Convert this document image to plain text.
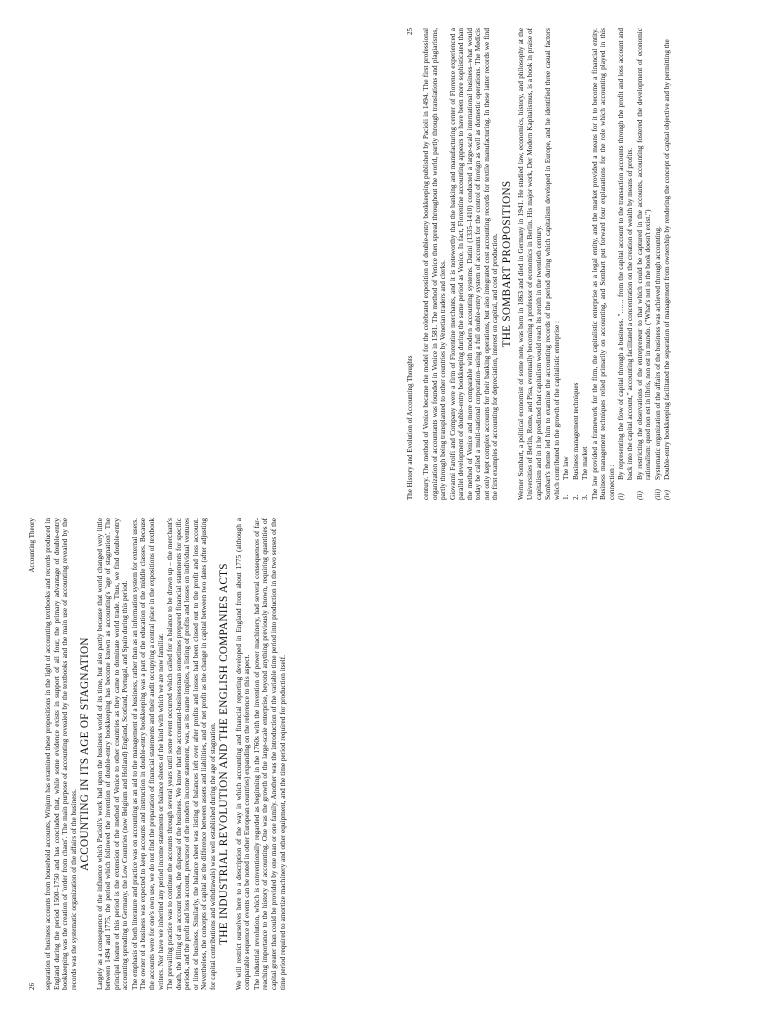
26
Accounting Theory separation of business accounts from household accounts, Winjum has examined these propositions in the light of accounting textbooks and records produced in England during the period 1500–1750 and has concluded that, while some evidence exists in support of all four, the primary advantage of double-entry bookkeeping was the creation of 'order from chaos'. The main purpose of accounting revealed by the textbooks and the main use of accounting revealed by the records was the systematic organization of the affairs of the business.

ACCOUNTING IN ITS AGE OF STAGNATION Largely as a consequence of the influence which Pacioli's work had upon the business world of its time, but also partly because that world changed very little between 1494 and 1775, the period which followed the invention of double-entry bookkeeping has become known as accounting's 'age of stagnation'. The principal feature of this period is the extension of the method of Venice to other countries as they came to dominate world trade. Thus, we find double-entry accounting spreading to Germany, the Low Countries (now Belgium and Holland) England, Scotland, Portugal, and Spain during this period. The emphasis of both literature and practice was on accounting as an aid to the management of a business, rather than as an information system for external users. The owner of a business was expected to keep accounts and instruction in double-entry bookkeeping was a part of the education of the middle classes. Because the accounts were for one's own use, we do not find the preparation of financial statements and their audit occupying a central place in the expositions of textbook writers. Nor have we inherited any period income statements or balance sheets of the kind with which we are now familiar. The prevailing practice was to continue the accounts through several years until some event occurred which called for a balance to be drawn up – the merchant's death, the filling of an account book, the disposal of the business. We know that the accountant-businessman sometimes prepared financial statements for specific periods, and the profit and loss account, precursor of the modern income statement, was, as its name implies, a listing of profits and losses on individual ventures or lines of business. Similarly, the balance sheet was listing of balances left over after profits and losses had been closed out to the profit and loss account. Nevertheless, the concepts of capital as the difference between assets and liabilities, and of net profit as the change in capital between two dates (after adjusting for capital contributions and withdrawals) was well established during the age of stagnation. THE INDUSTRIAL REVOLUTION AND THE ENGLISH COMPANIES ACTS We will restrict ourselves here to a description of the way in which accounting and financial reporting developed in England from about 1775 (although a comparable sequence of events can be noted in other European countries) expanding on the reference to this aspect. The industrial revolution, which is conventionally regarded as beginning in the 1760s with the invention of power machinery, had several consequences of far-reaching importance to the history of accounting. One was the growth of the large-scale enterprise, beyond anything previously known, requiring quantities of capital greater than could be provided by one man or one family. Another was the introduction of the variable time period into production in the two senses of the time period required to amortize machinery and other equipment, and the time period required for production itself.

The History and Evolution of Accounting Thoughts
25 century. The method of Venice became the model for the celebrated exposition of double-entry bookkeeping published by Pacioli in 1494. The first professional organization of accountants was founded in Venice in 1581. The method of Venice then spread throughout the world, partly through translations and plagiarisms, partly through being transplanted to other countries by Venetian traders and clerks. Giovanni Farolfi and Company were a firm of Florentine merchants, and it is noteworthy that the banking and manufacturing center of Florence experienced a parallel development of double-entry bookkeeping during the same period as Venice. In fact, Florentine accounting appears to have been more sophisticated than the method of Venice and more comparable with modern accounting systems. Datini (1335–1410) conducted a large-scale international business–what would today be called a multi-national corporation–using a full double-entry system of accounts for the control of foreign as well as domestic operations. The Medicis not only kept complex accounts for their banking operations, but also integrated cost accounting records for textile manufacturing. In these latter records we find the first examples of accounting for depreciation, interest on capital, and cost of production. THE SOMBART PROPOSITIONS Werner Sombart, a political economist of some note, was born in 1863 and died in Germany in 1941. He studied law, economics, history, and philosophy at the Universities of Berlin, Rome, and Pisa, eventually becoming a professor of economics in Berlin. His major work, Der Modern Kapitalismus, is a book in praise of capitalism and in it he predicted that capitalism would reach its zenith in the twentieth century. Sombart's theme led him to examine the accounting records of the period during which capitalism developed in Europe, and he identified three casual factors which contributed to the growth of the capitalistic enterprise : 1.
The law
2.
Business management techniques
3.
The market The law provided a framework for the firm, the capitalistic enterprise as a legal entity, and the market provided a means for it to become a financial entity. Business management techniques relied primarily on accounting, and Sombart put forward four explanations for the role which accounting played in this connection : (i)
By representing the flow of capital through a business. "…… from the capital account to the transaction accounts through the profit and loss account and back into the capital account," accounting facilitated a concentration on the creation of wealth by means of profits.
(ii)
By restricting the observations of the entrepreneur to that which could be captured in the accounts, accounting fostered the development of economic rationalism: quod non est in libris, non est in mundo. ("What's not in the book doesn't exist.")
(iii)
Systematic organization of the affairs of the business was achieved through accounting.
(iv)
Double-entry bookkeeping facilitated the separation of management from ownership by rendering the concept of capital objective and by permitting the
